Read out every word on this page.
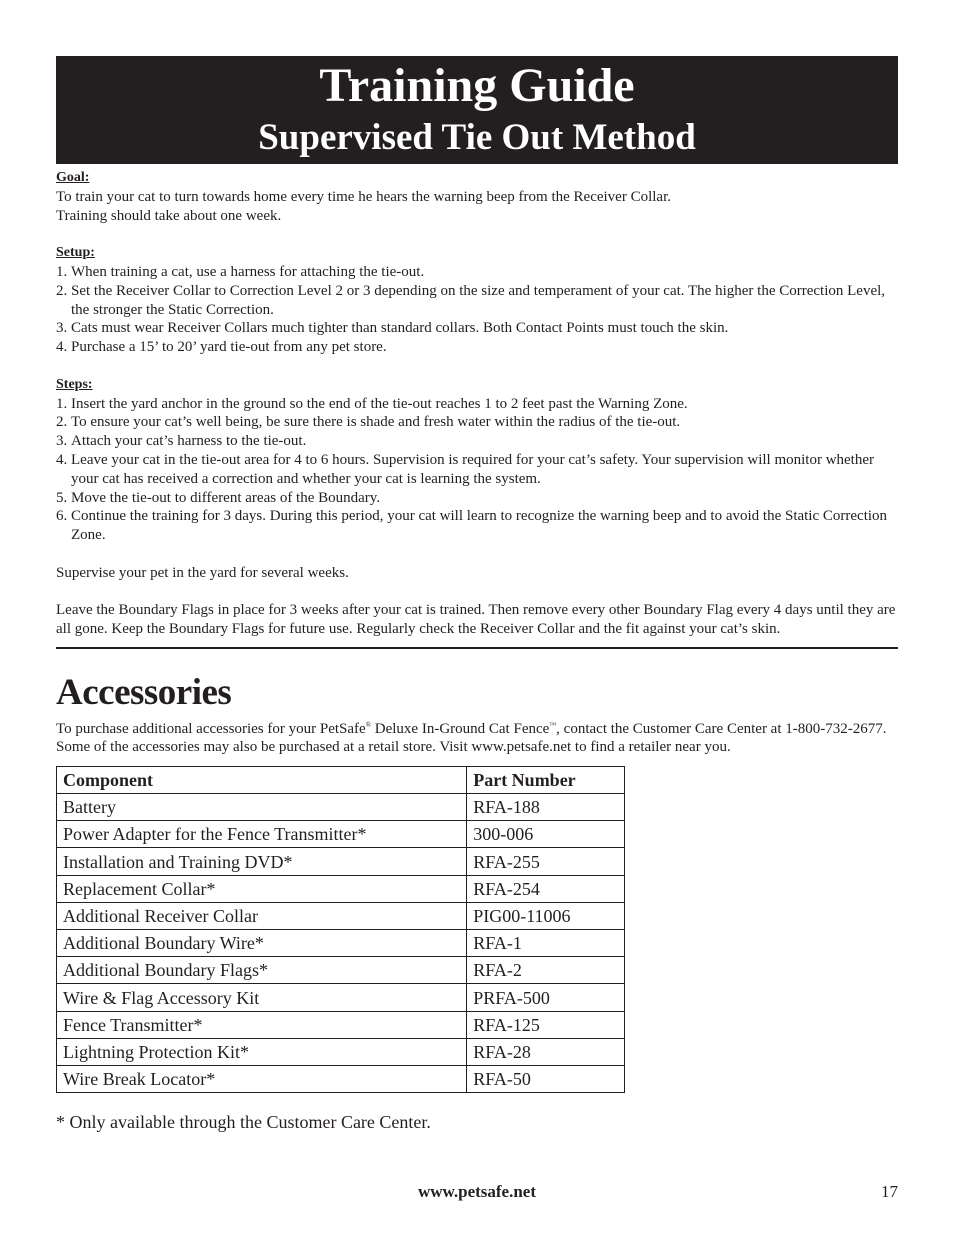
Training Guide
Supervised Tie Out Method
Goal:
To train your cat to turn towards home every time he hears the warning beep from the Receiver Collar.
Training should take about one week.
Setup:
1. When training a cat, use a harness for attaching the tie-out.
2. Set the Receiver Collar to Correction Level 2 or 3 depending on the size and temperament of your cat. The higher the Correction Level, the stronger the Static Correction.
3. Cats must wear Receiver Collars much tighter than standard collars. Both Contact Points must touch the skin.
4. Purchase a 15’ to 20’ yard tie-out from any pet store.
Steps:
1. Insert the yard anchor in the ground so the end of the tie-out reaches 1 to 2 feet past the Warning Zone.
2. To ensure your cat’s well being, be sure there is shade and fresh water within the radius of the tie-out.
3. Attach your cat’s harness to the tie-out.
4. Leave your cat in the tie-out area for 4 to 6 hours. Supervision is required for your cat’s safety. Your supervision will monitor whether your cat has received a correction and whether your cat is learning the system.
5. Move the tie-out to different areas of the Boundary.
6. Continue the training for 3 days. During this period, your cat will learn to recognize the warning beep and to avoid the Static Correction Zone.

Supervise your pet in the yard for several weeks.

Leave the Boundary Flags in place for 3 weeks after your cat is trained. Then remove every other Boundary Flag every 4 days until they are all gone. Keep the Boundary Flags for future use. Regularly check the Receiver Collar and the fit against your cat’s skin.

Accessories

To purchase additional accessories for your PetSafe® Deluxe In-Ground Cat Fence™, contact the Customer Care Center at 1-800-732-2677. Some of the accessories may also be purchased at a retail store. Visit www.petsafe.net to find a retailer near you.

Component	Part Number
Battery	RFA-188
Power Adapter for the Fence Transmitter*	300-006
Installation and Training DVD*	RFA-255
Replacement Collar*	RFA-254
Additional Receiver Collar	PIG00-11006
Additional Boundary Wire*	RFA-1
Additional Boundary Flags*	RFA-2
Wire & Flag Accessory Kit	PRFA-500
Fence Transmitter*	RFA-125
Lightning Protection Kit*	RFA-28
Wire Break Locator*	RFA-50

* Only available through the Customer Care Center.

www.petsafe.net	17
